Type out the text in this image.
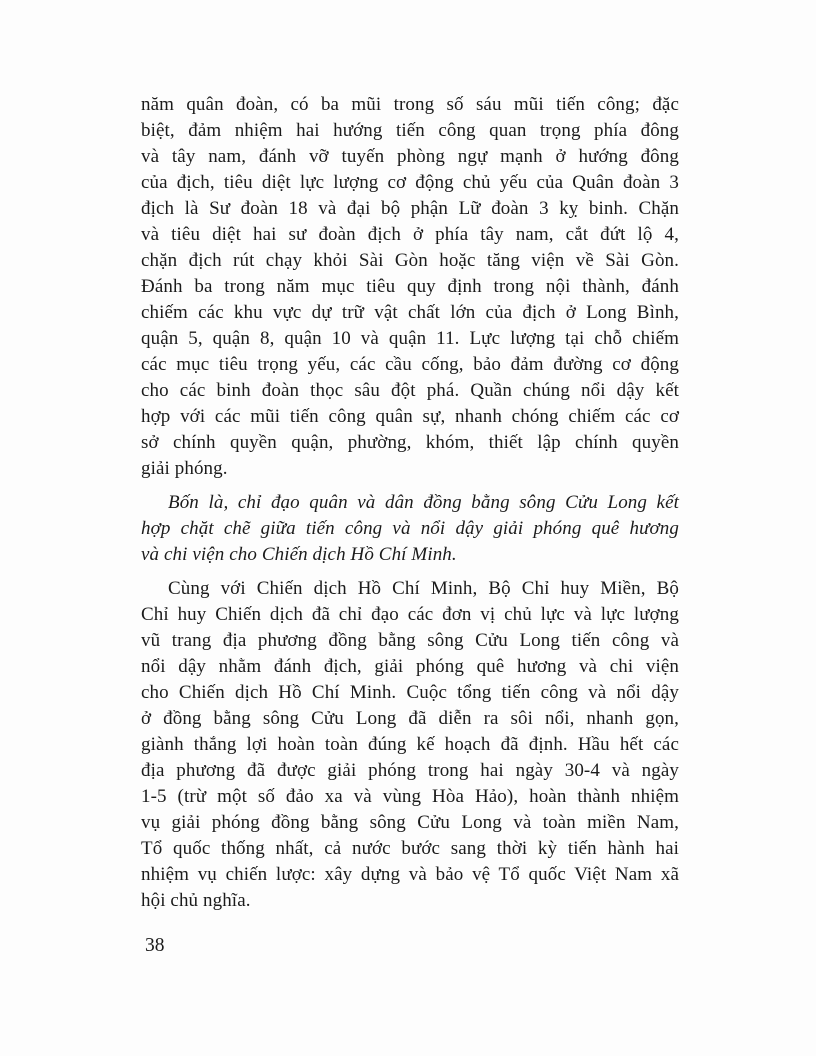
năm quân đoàn, có ba mũi trong số sáu mũi tiến công; đặc
biệt, đảm nhiệm hai hướng tiến công quan trọng phía đông
và tây nam, đánh vỡ tuyến phòng ngự mạnh ở hướng đông
của địch, tiêu diệt lực lượng cơ động chủ yếu của Quân đoàn 3
địch là Sư đoàn 18 và đại bộ phận Lữ đoàn 3 kỵ binh. Chặn
và tiêu diệt hai sư đoàn địch ở phía tây nam, cắt đứt lộ 4,
chặn địch rút chạy khỏi Sài Gòn hoặc tăng viện về Sài Gòn.
Đánh ba trong năm mục tiêu quy định trong nội thành, đánh
chiếm các khu vực dự trữ vật chất lớn của địch ở Long Bình,
quận 5, quận 8, quận 10 và quận 11. Lực lượng tại chỗ chiếm
các mục tiêu trọng yếu, các cầu cống, bảo đảm đường cơ động
cho các binh đoàn thọc sâu đột phá. Quần chúng nổi dậy kết
hợp với các mũi tiến công quân sự, nhanh chóng chiếm các cơ
sở chính quyền quận, phường, khóm, thiết lập chính quyền
giải phóng.
Bốn là, chỉ đạo quân và dân đồng bằng sông Cửu Long kết
hợp chặt chẽ giữa tiến công và nổi dậy giải phóng quê hương
và chi viện cho Chiến dịch Hồ Chí Minh.
Cùng với Chiến dịch Hồ Chí Minh, Bộ Chỉ huy Miền, Bộ
Chỉ huy Chiến dịch đã chỉ đạo các đơn vị chủ lực và lực lượng
vũ trang địa phương đồng bằng sông Cửu Long tiến công và
nổi dậy nhằm đánh địch, giải phóng quê hương và chi viện
cho Chiến dịch Hồ Chí Minh. Cuộc tổng tiến công và nổi dậy
ở đồng bằng sông Cửu Long đã diễn ra sôi nổi, nhanh gọn,
giành thắng lợi hoàn toàn đúng kế hoạch đã định. Hầu hết các
địa phương đã được giải phóng trong hai ngày 30-4 và ngày
1-5 (trừ một số đảo xa và vùng Hòa Hảo), hoàn thành nhiệm
vụ giải phóng đồng bằng sông Cửu Long và toàn miền Nam,
Tổ quốc thống nhất, cả nước bước sang thời kỳ tiến hành hai
nhiệm vụ chiến lược: xây dựng và bảo vệ Tổ quốc Việt Nam xã
hội chủ nghĩa.
38
